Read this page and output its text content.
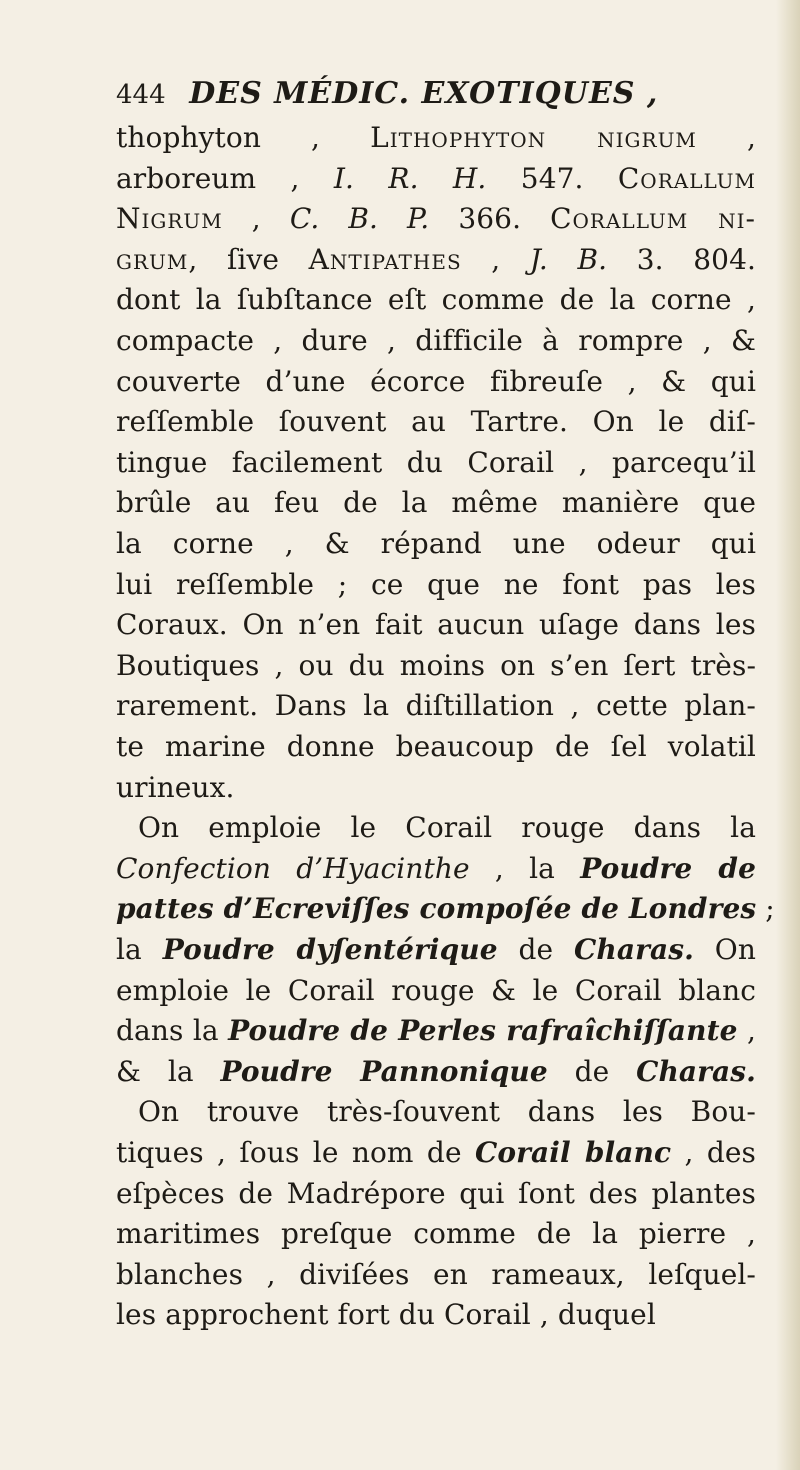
444 DES MÉDIC. EXOTIQUES ,
thophyton , Lithophyton nigrum ,
arboreum , I. R. H. 547. Corallum
Nigrum , C. B. P. 366. Corallum ni-
grum, ſive Antipathes , J. B. 3. 804.
dont la ſubſtance eſt comme de la corne ,
compacte , dure , difficile à rompre , &
couverte d’une écorce fibreuſe , & qui
reſſemble ſouvent au Tartre. On le diſ-
tingue facilement du Corail , parcequ’il
brûle au feu de la même manière que
la corne , & répand une odeur qui
lui reſſemble ; ce que ne font pas les
Coraux. On n’en fait aucun uſage dans les
Boutiques , ou du moins on s’en ſert très-
rarement. Dans la diſtillation , cette plan-
te marine donne beaucoup de ſel volatil
urineux.
On emploie le Corail rouge dans la
Confection d’Hyacinthe , la Poudre de
pattes d’Ecreviſſes compoſée de Londres ;
la Poudre dyſentérique de Charas. On
emploie le Corail rouge & le Corail blanc
dans la Poudre de Perles rafraîchiſſante ,
& la Poudre Pannonique de Charas.
On trouve très-ſouvent dans les Bou-
tiques , ſous le nom de Corail blanc , des
eſpèces de Madrépore qui ſont des plantes
maritimes preſque comme de la pierre ,
blanches , diviſées en rameaux, leſquel-
les approchent fort du Corail , duquel
